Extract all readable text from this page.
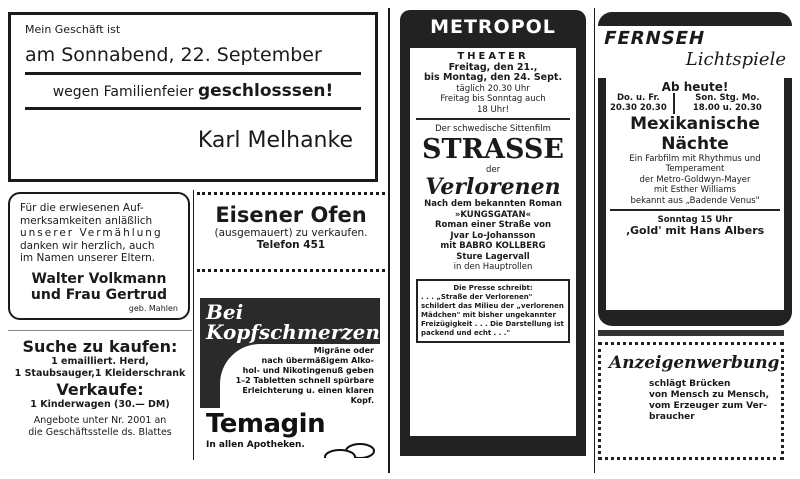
Mein Geschäft ist
am Sonnabend, 22. September
wegen Familienfeier geschlosssen!
Karl Melhanke
Für die erwiesenen Auf-
merksamkeiten anläßlich
unserer Vermählung
danken wir herzlich, auch
im Namen unserer Eltern.
Walter Volkmann
und Frau Gertrud
geb. Mahlen
Eisener Ofen
(ausgemauert) zu verkaufen.
Telefon 451
Bei
Kopfschmerzen
Migräne oder
nach übermäßigem Alko-
hol- und Nikotingenuß geben
1–2 Tabletten schnell spürbare
Erleichterung u. einen klaren Kopf.
Temagin
In allen Apotheken.
Suche zu kaufen:
1 emailliert. Herd,
1 Staubsauger,1 Kleiderschrank
Verkaufe:
1 Kinderwagen (30.— DM)
Angebote unter Nr. 2001 an
die Geschäftsstelle ds. Blattes
METROPOL
THEATER
Freitag, den 21.,
bis Montag, den 24. Sept.
täglich 20.30 Uhr
Freitag bis Sonntag auch
18 Uhr!
Der schwedische Sittenfilm
STRASSE
der
Verlorenen
Nach dem bekannten Roman
»KUNGSGATAN«
Roman einer Straße von
Jvar Lo-Johansson
mit BABRO KOLLBERG
Sture Lagervall
in den Hauptrollen
Die Presse schreibt:
. . . „Straße der Verlorenen" schildert das Milieu der „verlorenen Mädchen" mit bisher ungekannter Freizügigkeit . . . Die Darstellung ist packend und echt . . ."
FERNSEH
Lichtspiele
Ab heute!
Do. u. Fr.
20.30 20.30
Son. Stg. Mo.
18.00 u. 20.30
Mexikanische
Nächte
Ein Farbfilm mit Rhythmus und
Temperament
der Metro-Goldwyn-Mayer
mit Esther Williams
bekannt aus „Badende Venus"
Sonntag 15 Uhr
‚Gold' mit Hans Albers
Anzeigenwerbung
schlägt Brücken
von Mensch zu Mensch,
vom Erzeuger zum Ver-
braucher
